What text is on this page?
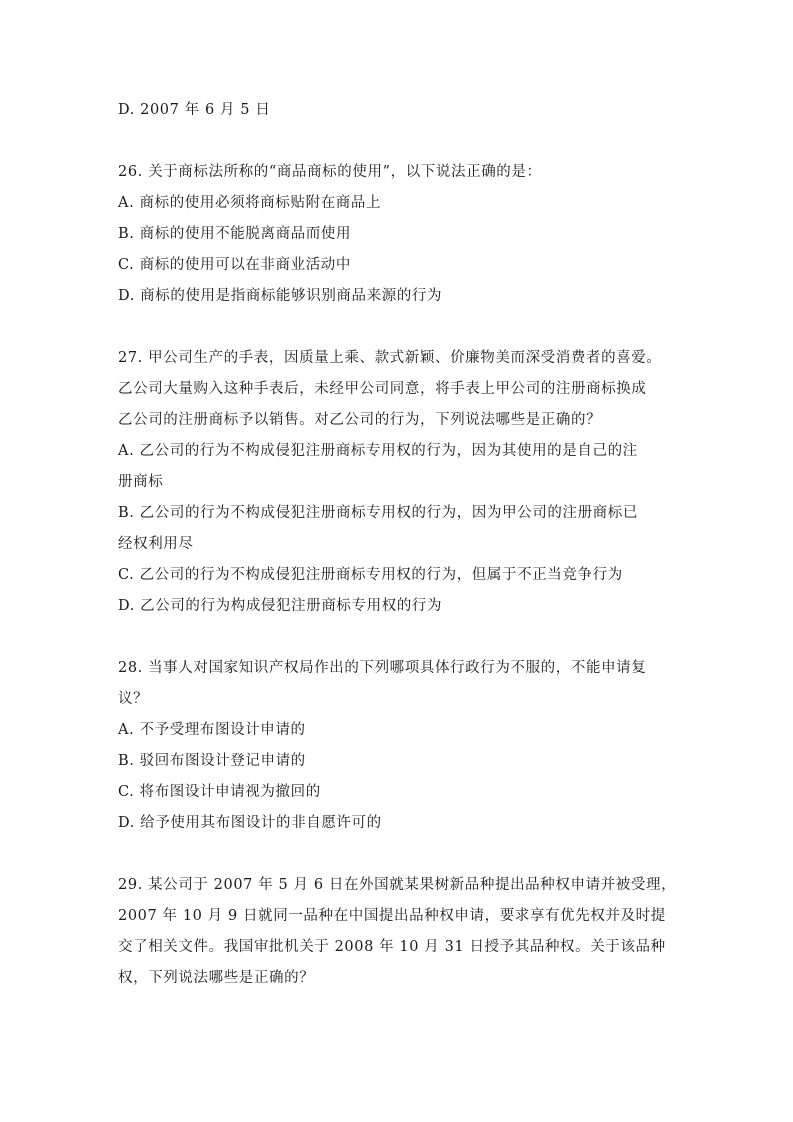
D. 2007 年 6 月 5 日
26. 关于商标法所称的“商品商标的使用”，以下说法正确的是：
A. 商标的使用必须将商标贴附在商品上
B. 商标的使用不能脱离商品而使用
C. 商标的使用可以在非商业活动中
D. 商标的使用是指商标能够识别商品来源的行为
27. 甲公司生产的手表，因质量上乘、款式新颖、价廉物美而深受消费者的喜爱。
乙公司大量购入这种手表后，未经甲公司同意，将手表上甲公司的注册商标换成
乙公司的注册商标予以销售。对乙公司的行为，下列说法哪些是正确的？
A. 乙公司的行为不构成侵犯注册商标专用权的行为，因为其使用的是自己的注
册商标
B. 乙公司的行为不构成侵犯注册商标专用权的行为，因为甲公司的注册商标已
经权利用尽
C. 乙公司的行为不构成侵犯注册商标专用权的行为，但属于不正当竞争行为
D. 乙公司的行为构成侵犯注册商标专用权的行为
28. 当事人对国家知识产权局作出的下列哪项具体行政行为不服的，不能申请复
议？
A. 不予受理布图设计申请的
B. 驳回布图设计登记申请的
C. 将布图设计申请视为撤回的
D. 给予使用其布图设计的非自愿许可的
29. 某公司于 2007 年 5 月 6 日在外国就某果树新品种提出品种权申请并被受理，
2007 年 10 月 9 日就同一品种在中国提出品种权申请，要求享有优先权并及时提
交了相关文件。我国审批机关于 2008 年 10 月 31 日授予其品种权。关于该品种
权，下列说法哪些是正确的？
